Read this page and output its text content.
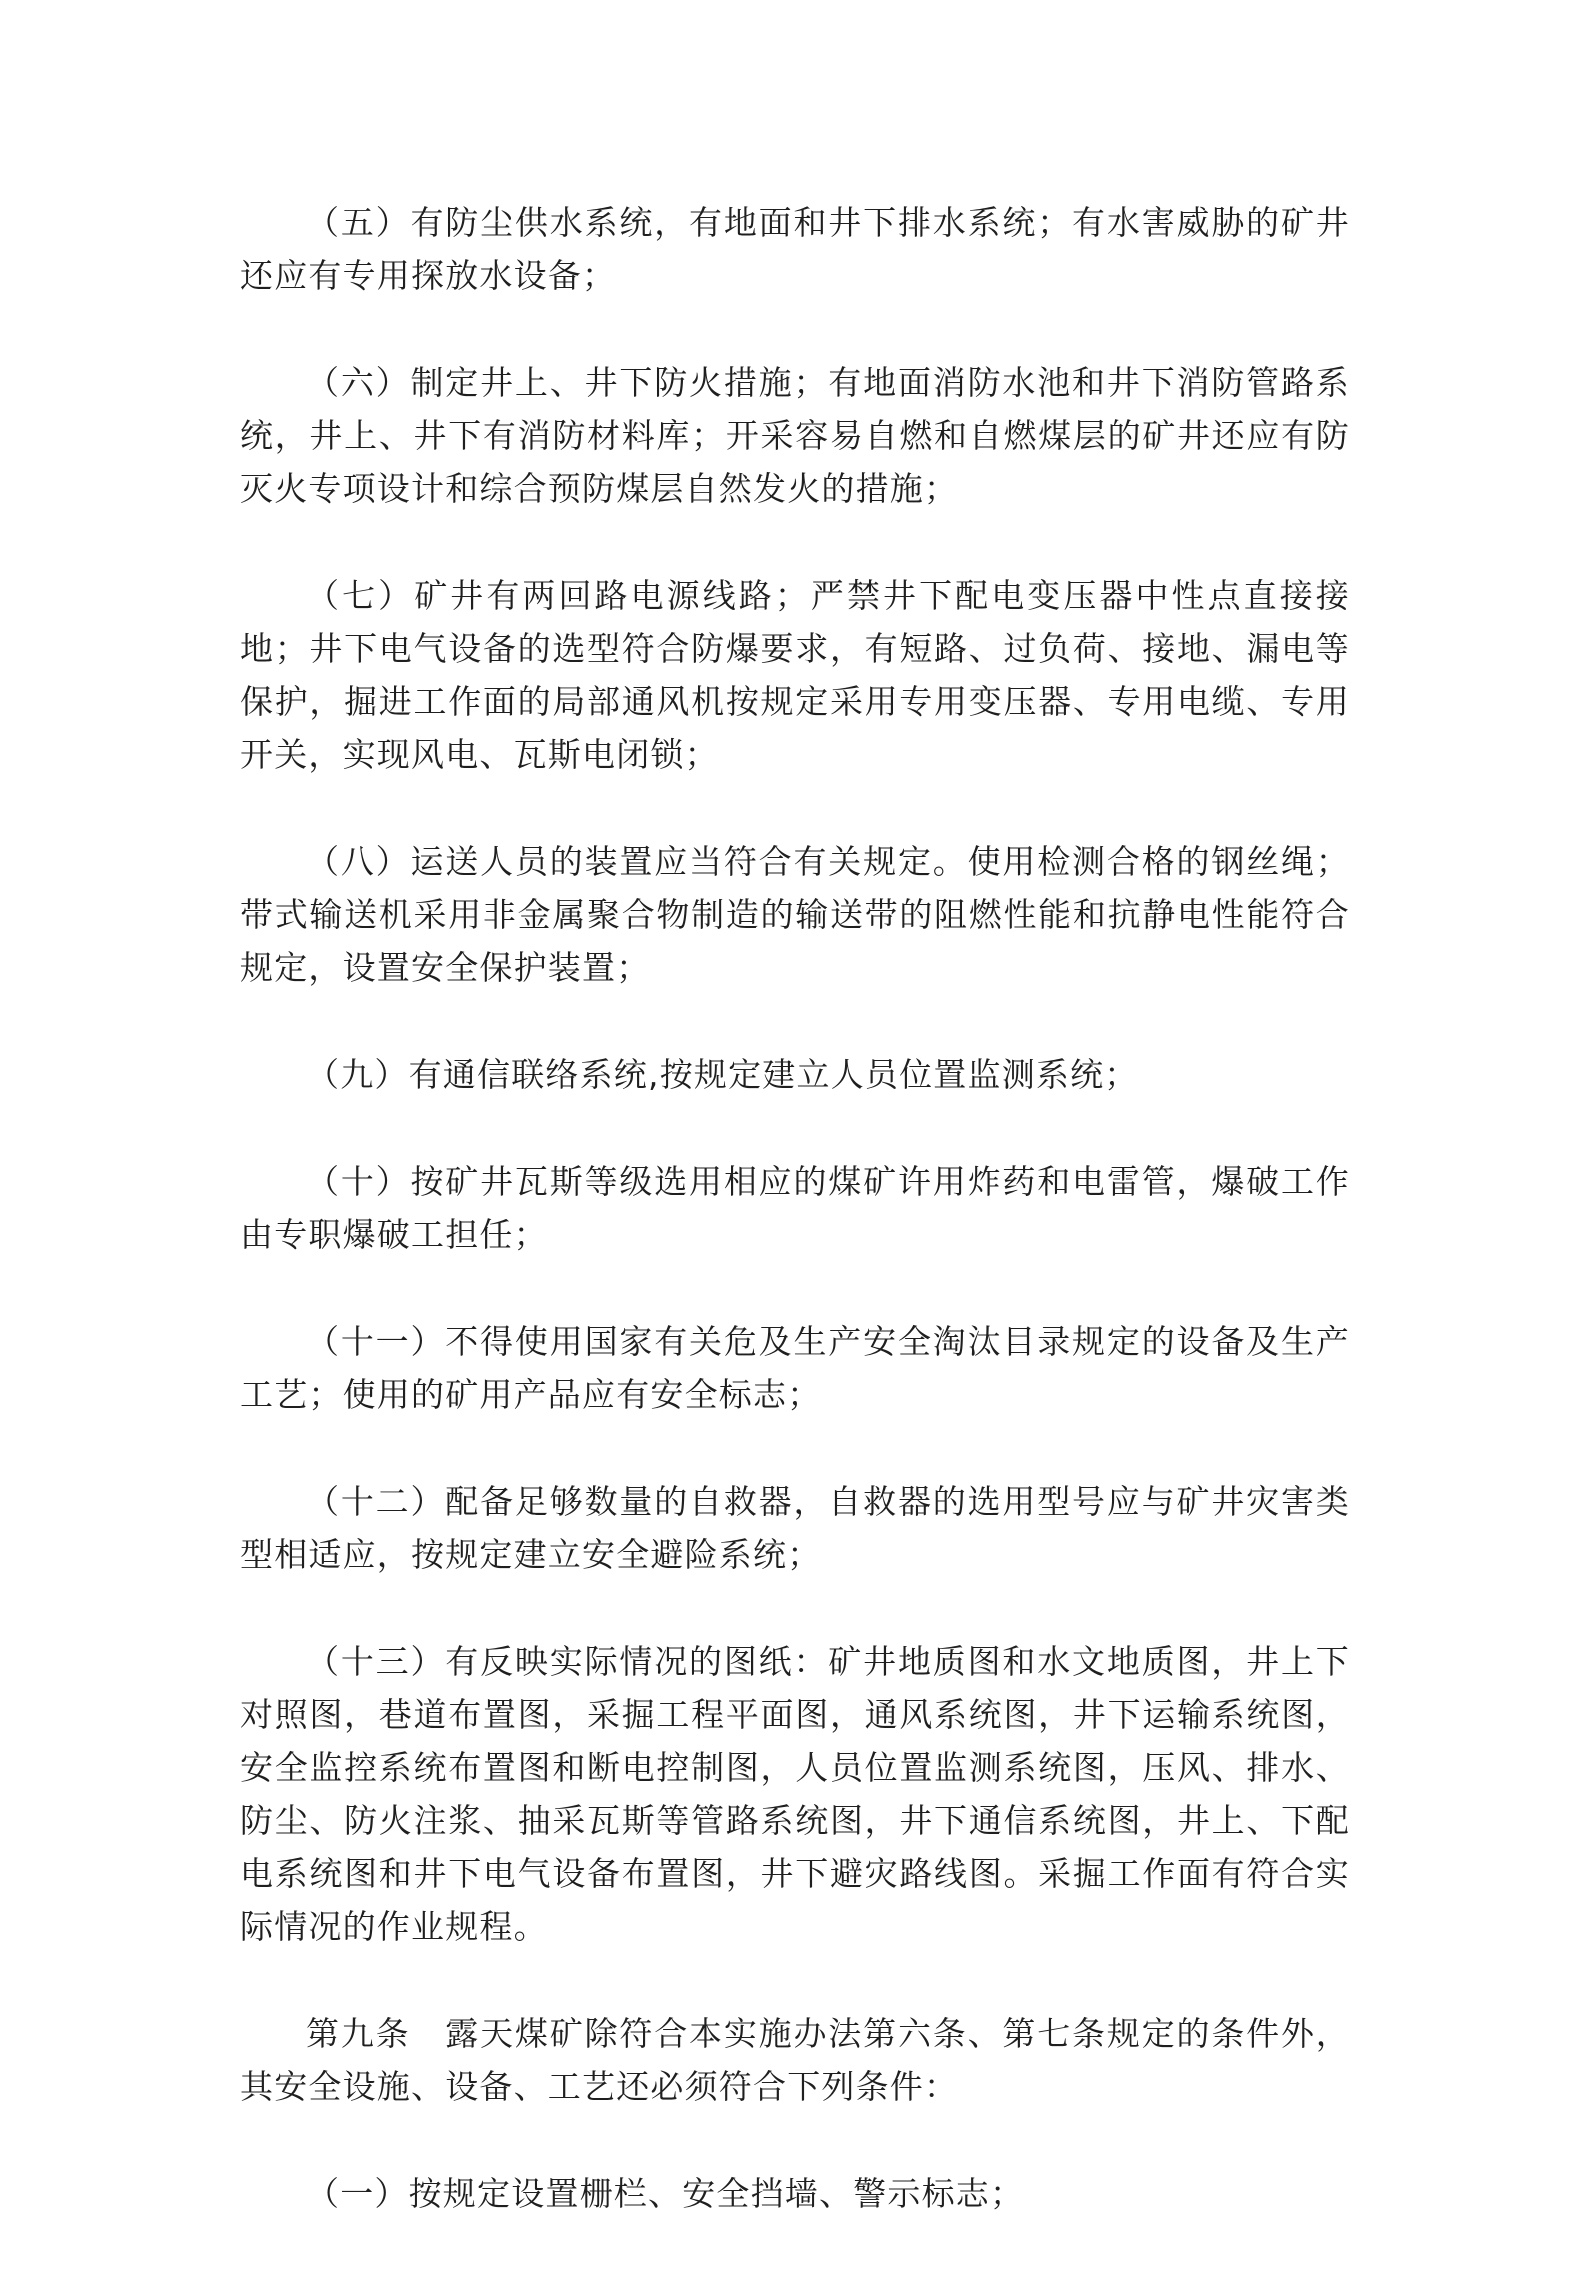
（五）有防尘供水系统，有地面和井下排水系统；有水害威胁的矿井还应有专用探放水设备；

（六）制定井上、井下防火措施；有地面消防水池和井下消防管路系统，井上、井下有消防材料库；开采容易自燃和自燃煤层的矿井还应有防灭火专项设计和综合预防煤层自然发火的措施；

（七）矿井有两回路电源线路；严禁井下配电变压器中性点直接接地；井下电气设备的选型符合防爆要求，有短路、过负荷、接地、漏电等保护，掘进工作面的局部通风机按规定采用专用变压器、专用电缆、专用开关，实现风电、瓦斯电闭锁；

（八）运送人员的装置应当符合有关规定。使用检测合格的钢丝绳；带式输送机采用非金属聚合物制造的输送带的阻燃性能和抗静电性能符合规定，设置安全保护装置；

（九）有通信联络系统,按规定建立人员位置监测系统；

（十）按矿井瓦斯等级选用相应的煤矿许用炸药和电雷管，爆破工作由专职爆破工担任；

（十一）不得使用国家有关危及生产安全淘汰目录规定的设备及生产工艺；使用的矿用产品应有安全标志；

（十二）配备足够数量的自救器，自救器的选用型号应与矿井灾害类型相适应，按规定建立安全避险系统；

（十三）有反映实际情况的图纸：矿井地质图和水文地质图，井上下对照图，巷道布置图，采掘工程平面图，通风系统图，井下运输系统图，安全监控系统布置图和断电控制图，人员位置监测系统图，压风、排水、防尘、防火注浆、抽采瓦斯等管路系统图，井下通信系统图，井上、下配电系统图和井下电气设备布置图，井下避灾路线图。采掘工作面有符合实际情况的作业规程。

第九条　露天煤矿除符合本实施办法第六条、第七条规定的条件外，其安全设施、设备、工艺还必须符合下列条件：

（一）按规定设置栅栏、安全挡墙、警示标志；
